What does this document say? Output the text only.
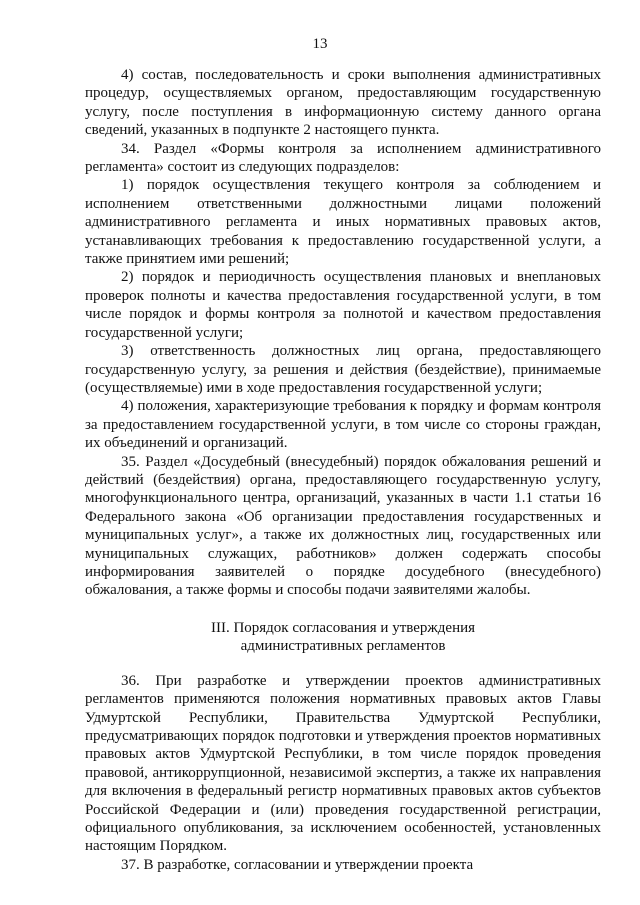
13

4) состав, последовательность и сроки выполнения административных процедур, осуществляемых органом, предоставляющим государственную услугу, после поступления в информационную систему данного органа сведений, указанных в подпункте 2 настоящего пункта.

34. Раздел «Формы контроля за исполнением административного регламента» состоит из следующих подразделов:

1) порядок осуществления текущего контроля за соблюдением и исполнением ответственными должностными лицами положений административного регламента и иных нормативных правовых актов, устанавливающих требования к предоставлению государственной услуги, а также принятием ими решений;

2) порядок и периодичность осуществления плановых и внеплановых проверок полноты и качества предоставления государственной услуги, в том числе порядок и формы контроля за полнотой и качеством предоставления государственной услуги;

3) ответственность должностных лиц органа, предоставляющего государственную услугу, за решения и действия (бездействие), принимаемые (осуществляемые) ими в ходе предоставления государственной услуги;

4) положения, характеризующие требования к порядку и формам контроля за предоставлением государственной услуги, в том числе со стороны граждан, их объединений и организаций.

35. Раздел «Досудебный (внесудебный) порядок обжалования решений и действий (бездействия) органа, предоставляющего государственную услугу, многофункционального центра, организаций, указанных в части 1.1 статьи 16 Федерального закона «Об организации предоставления государственных и муниципальных услуг», а также их должностных лиц, государственных или муниципальных служащих, работников» должен содержать способы информирования заявителей о порядке досудебного (внесудебного) обжалования, а также формы и способы подачи заявителями жалобы.

III. Порядок согласования и утверждения
административных регламентов

36. При разработке и утверждении проектов административных регламентов применяются положения нормативных правовых актов Главы Удмуртской Республики, Правительства Удмуртской Республики, предусматривающих порядок подготовки и утверждения проектов нормативных правовых актов Удмуртской Республики, в том числе порядок проведения правовой, антикоррупционной, независимой экспертиз, а также их направления для включения в федеральный регистр нормативных правовых актов субъектов Российской Федерации и (или) проведения государственной регистрации, официального опубликования, за исключением особенностей, установленных настоящим Порядком.

37. В разработке, согласовании и утверждении проекта
